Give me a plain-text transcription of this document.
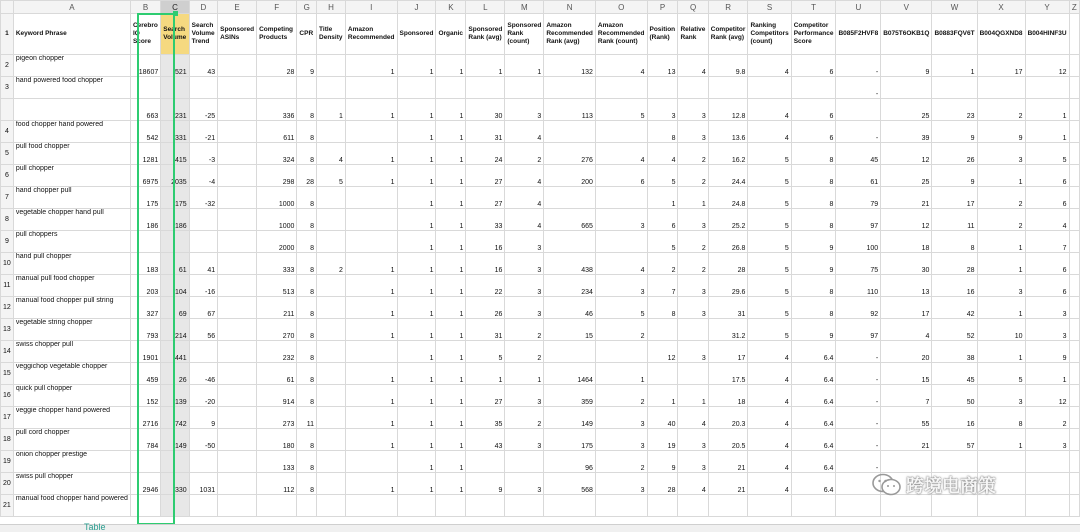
	A	B	C	D	E	F	G	H	I	J	K	L	M	N	O	P	Q	R	S	T	U	V	W	X	Y	Z
1	Keyword Phrase	Cerebro IQ Score	Search Volume	Search Volume Trend	Sponsored ASINs	Competing Products	CPR	Title Density	Amazon Recommended	Sponsored	Organic	Sponsored Rank (avg)	Sponsored Rank (count)	Amazon Recommended Rank (avg)	Amazon Recommended Rank (count)	Position (Rank)	Relative Rank	Competitor Rank (avg)	Ranking Competitors (count)	Competitor Performance Score	B085F2HVF8	B075T6OKB1Q	B0883FQV6T	B004QGXND8	B004HINF3U	
2	pigeon chopper	18607	521	43		28	9		1	1	1	1	1	132	4	13	4	9.8	4	6	-	9	1	17	12	
3	hand powered food chopper																				-					
		663	231	-25		336	8	1	1	1	1	30	3	113	5	3	3	12.8	4	6		25	23	2	1	
4	food chopper hand powered	542	331	-21		611	8			1	1	31	4			8	3	13.6	4	6	-	39	9	9	1	
5	pull food chopper	1281	415	-3		324	8	4	1	1	1	24	2	276	4	4	2	16.2	5	8	45	12	26	3	5	
6	pull chopper	6975	2035	-4		298	28	5	1	1	1	27	4	200	6	5	2	24.4	5	8	61	25	9	1	6	
7	hand chopper pull	175	175	-32		1000	8			1	1	27	4			1	1	24.8	5	8	79	21	17	2	6	
8	vegetable chopper hand pull	186	186			1000	8			1	1	33	4	665	3	6	3	25.2	5	8	97	12	11	2	4	
9	pull choppers					2000	8			1	1	16	3			5	2	26.8	5	9	100	18	8	1	7	
10	hand pull chopper	183	61	41		333	8	2	1	1	1	16	3	438	4	2	2	28	5	9	75	30	28	1	6	
11	manual pull food chopper	203	104	-16		513	8		1	1	1	22	3	234	3	7	3	29.6	5	8	110	13	16	3	6	
12	manual food chopper pull string	327	69	67		211	8		1	1	1	26	3	46	5	8	3	31	5	8	92	17	42	1	3	
13	vegetable string chopper	793	214	56		270	8		1	1	1	31	2	15	2			31.2	5	9	97	4	52	10	3	
14	swiss chopper pull	1901	441			232	8			1	1	5	2			12	3	17	4	6.4	-	20	38	1	9	
15	veggichop vegetable chopper	459	26	-46		61	8		1	1	1	1	1	1464	1			17.5	4	6.4	-	15	45	5	1	
16	quick pull chopper	152	139	-20		914	8		1	1	1	27	3	359	2	1	1	18	4	6.4	-	7	50	3	12	
17	veggie chopper hand powered	2716	742	9		273	11		1	1	1	35	2	149	3	40	4	20.3	4	6.4	-	55	16	8	2	
18	pull cord chopper	784	149	-50		180	8		1	1	1	43	3	175	3	19	3	20.5	4	6.4	-	21	57	1	3	
19	onion chopper prestige					133	8			1	1			96	2	9	3	21	4	6.4	-					
20	swiss pull chopper	2946	330	1031		112	8		1	1	1	9	3	568	3	28	4	21	4	6.4						
21	manual food chopper hand powered																									
跨境电商策
Table
